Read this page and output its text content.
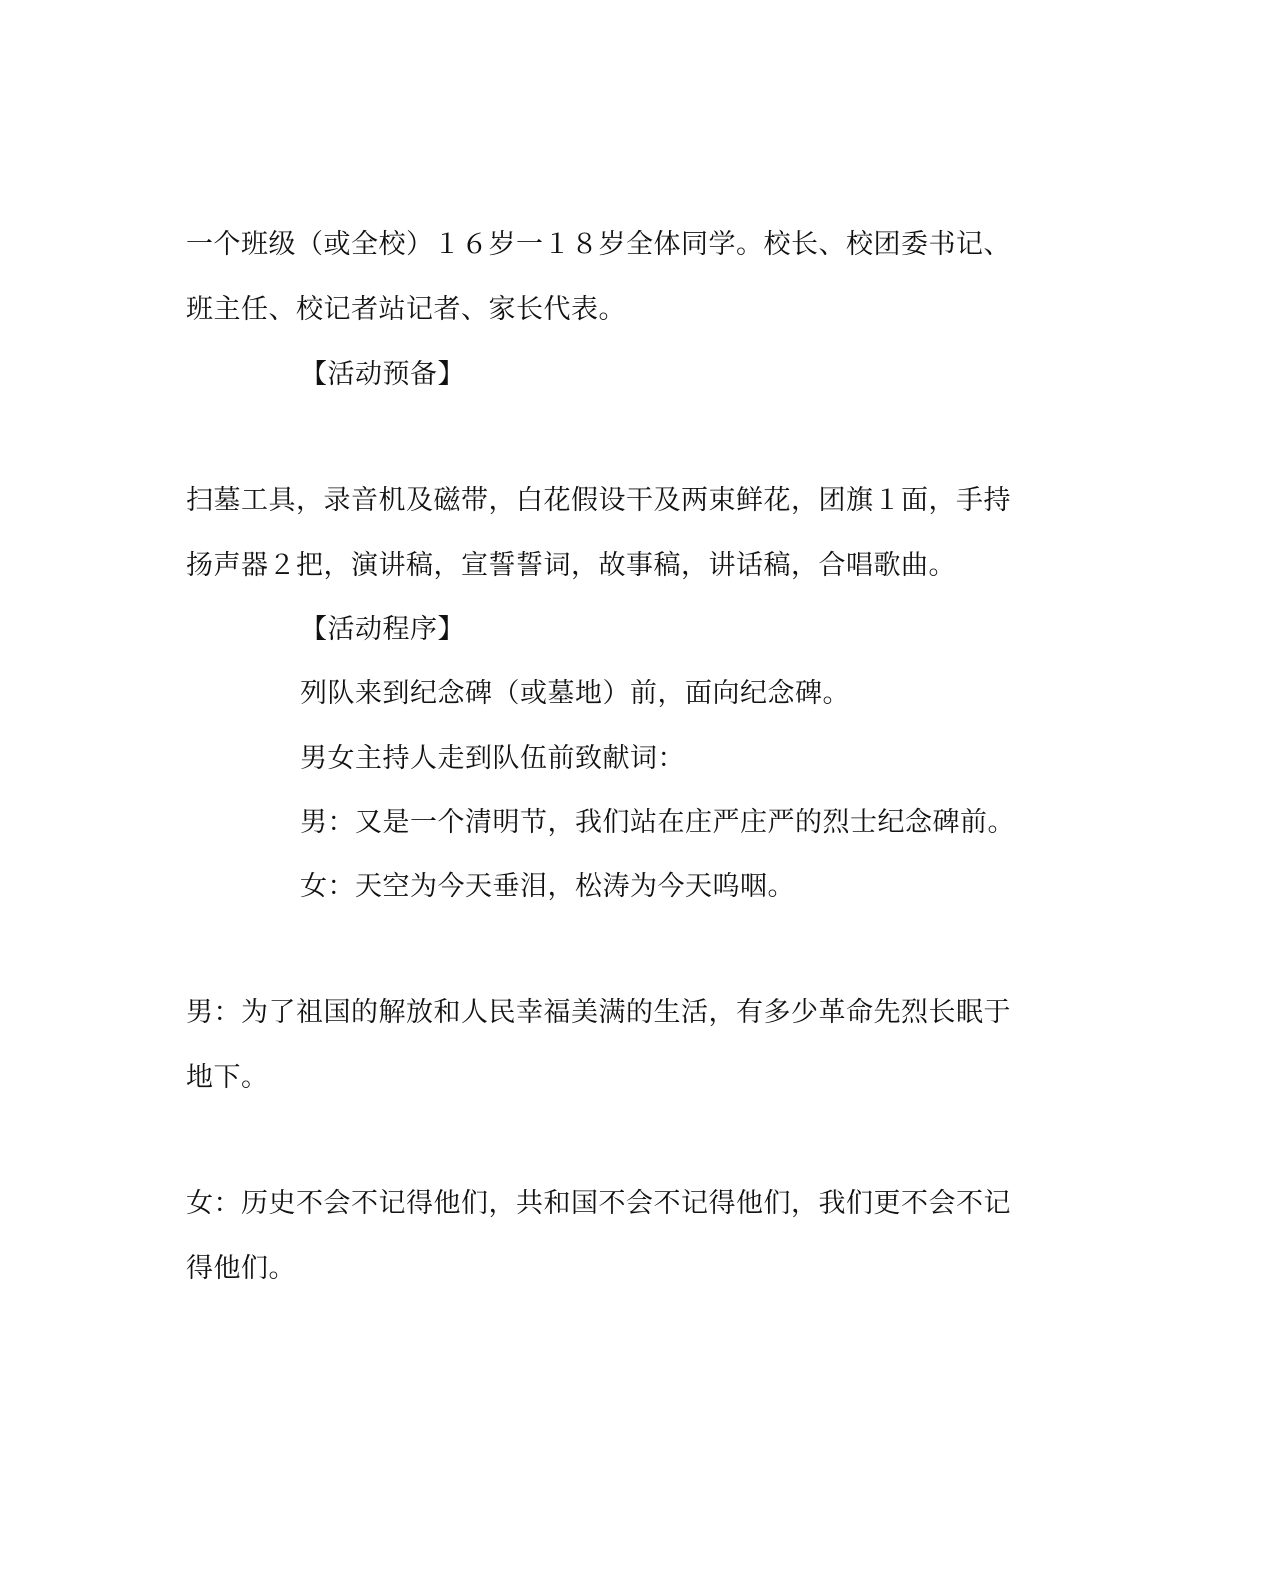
一个班级（或全校）１６岁一１８岁全体同学。校长、校团委书记、
班主任、校记者站记者、家长代表。
【活动预备】
扫墓工具，录音机及磁带，白花假设干及两束鲜花，团旗１面，手持
扬声器２把，演讲稿，宣誓誓词，故事稿，讲话稿，合唱歌曲。
【活动程序】
列队来到纪念碑（或墓地）前，面向纪念碑。
男女主持人走到队伍前致献词：
男：又是一个清明节，我们站在庄严庄严的烈士纪念碑前。
女：天空为今天垂泪，松涛为今天呜咽。
男：为了祖国的解放和人民幸福美满的生活，有多少革命先烈长眠于
地下。
女：历史不会不记得他们，共和国不会不记得他们，我们更不会不记
得他们。
